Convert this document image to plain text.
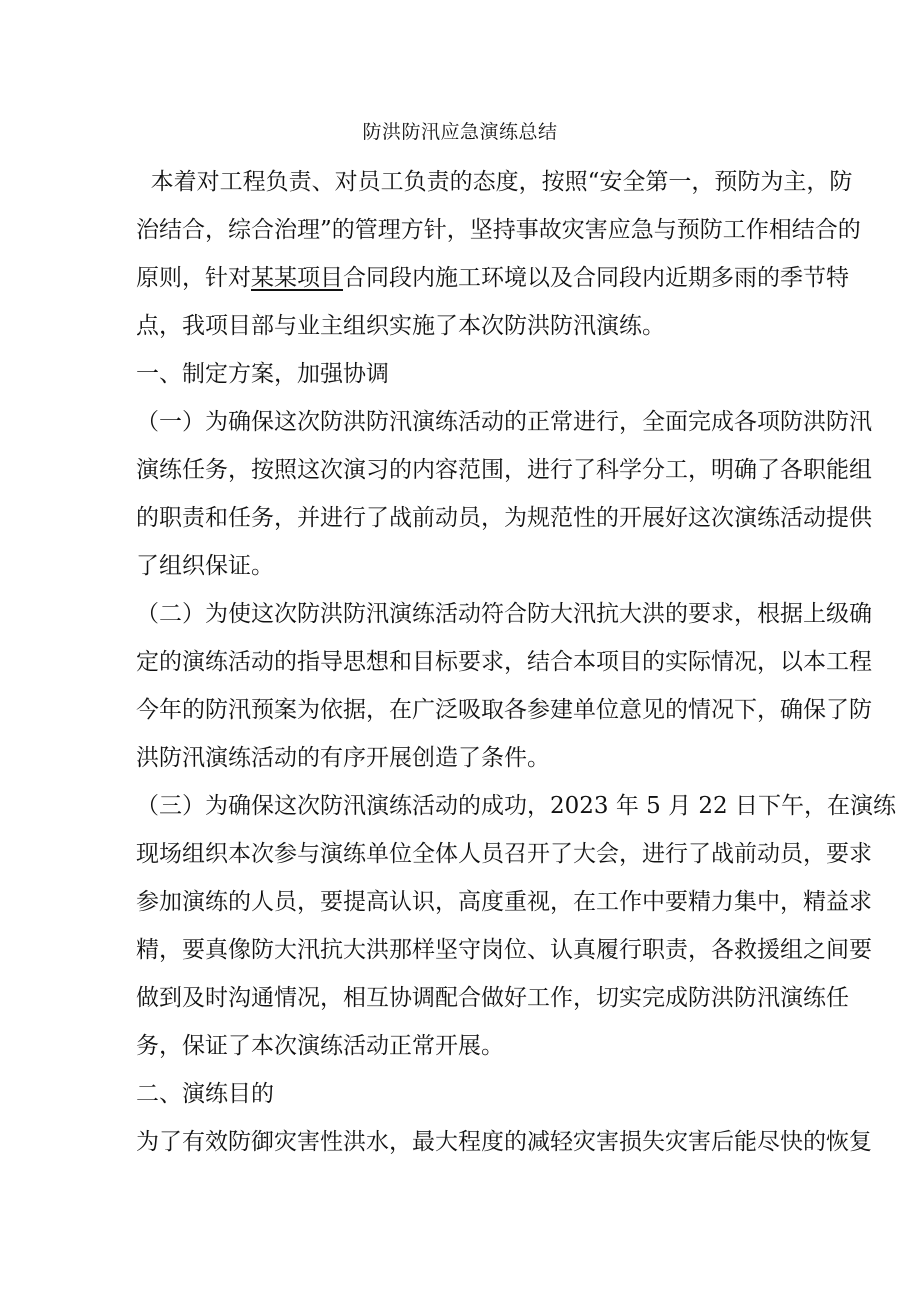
防洪防汛应急演练总结
本着对工程负责、对员工负责的态度，按照“安全第一，预防为主，防
治结合，综合治理”的管理方针，坚持事故灾害应急与预防工作相结合的
原则，针对某某项目合同段内施工环境以及合同段内近期多雨的季节特
点，我项目部与业主组织实施了本次防洪防汛演练。
一、制定方案，加强协调
（一）为确保这次防洪防汛演练活动的正常进行，全面完成各项防洪防汛
演练任务，按照这次演习的内容范围，进行了科学分工，明确了各职能组
的职责和任务，并进行了战前动员，为规范性的开展好这次演练活动提供
了组织保证。
（二）为使这次防洪防汛演练活动符合防大汛抗大洪的要求，根据上级确
定的演练活动的指导思想和目标要求，结合本项目的实际情况，以本工程
今年的防汛预案为依据，在广泛吸取各参建单位意见的情况下，确保了防
洪防汛演练活动的有序开展创造了条件。
（三）为确保这次防汛演练活动的成功，2023 年 5 月 22 日下午，在演练
现场组织本次参与演练单位全体人员召开了大会，进行了战前动员，要求
参加演练的人员，要提高认识，高度重视，在工作中要精力集中，精益求
精，要真像防大汛抗大洪那样坚守岗位、认真履行职责，各救援组之间要
做到及时沟通情况，相互协调配合做好工作，切实完成防洪防汛演练任
务，保证了本次演练活动正常开展。
二、演练目的
为了有效防御灾害性洪水，最大程度的减轻灾害损失灾害后能尽快的恢复
